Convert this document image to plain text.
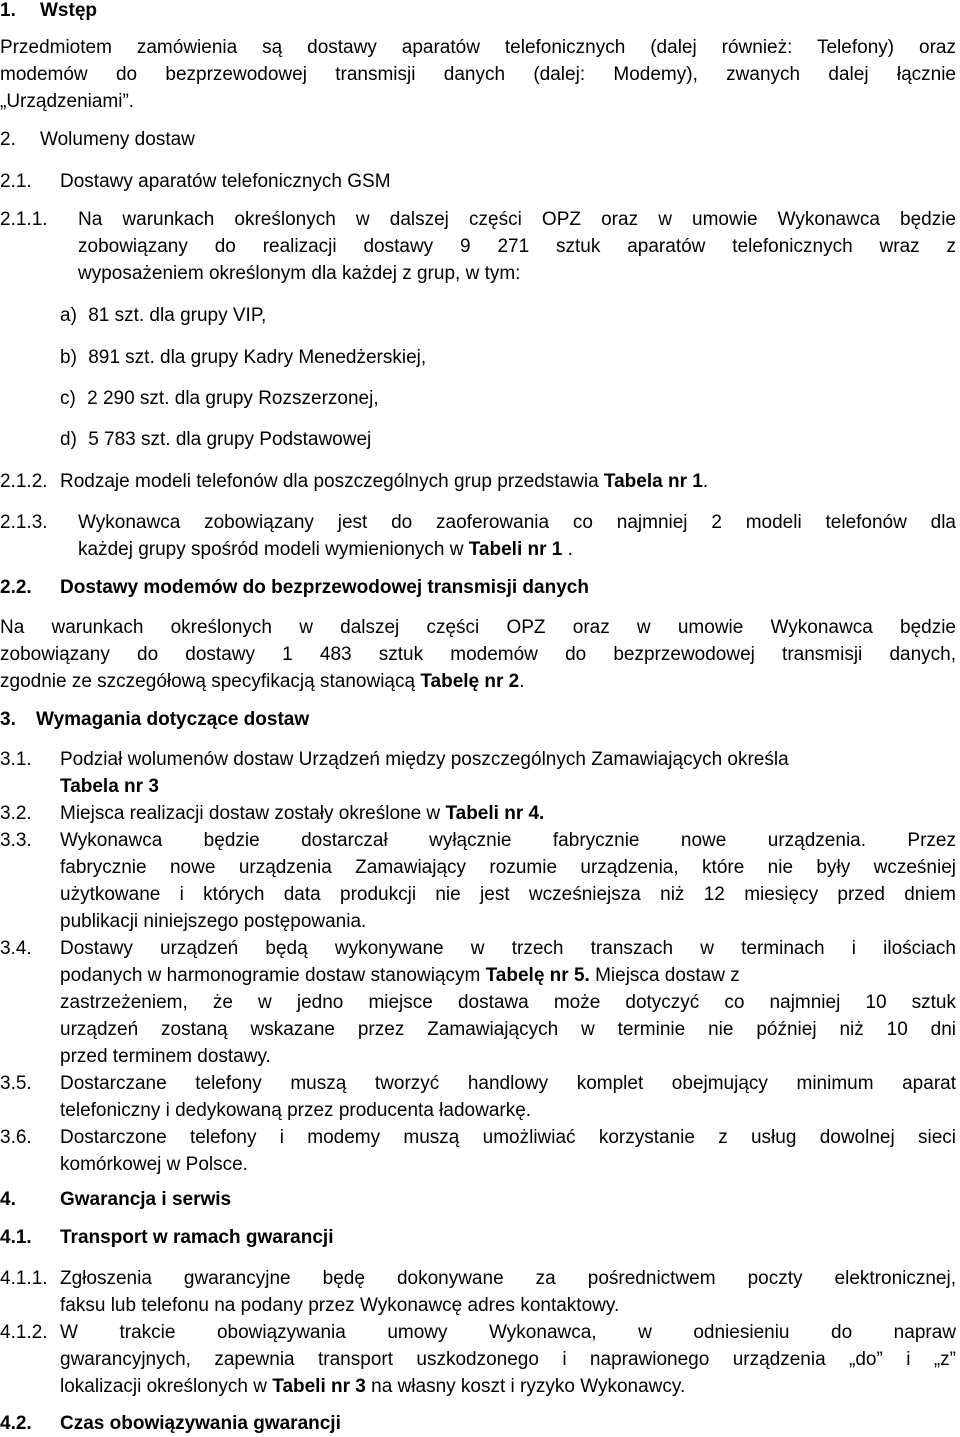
1. Wstęp
Przedmiotem zamówienia są dostawy aparatów telefonicznych (dalej również: Telefony) oraz
modemów do bezprzewodowej transmisji danych (dalej: Modemy), zwanych dalej łącznie
„Urządzeniami”.
2. Wolumeny dostaw
2.1. Dostawy aparatów telefonicznych GSM
2.1.1. Na warunkach określonych w dalszej części OPZ oraz w umowie Wykonawca będzie
zobowiązany do realizacji dostawy 9 271 sztuk aparatów telefonicznych wraz z
wyposażeniem określonym dla każdej z grup, w tym:
a) 81 szt. dla grupy VIP,
b) 891 szt. dla grupy Kadry Menedżerskiej,
c) 2 290 szt. dla grupy Rozszerzonej,
d) 5 783 szt. dla grupy Podstawowej
2.1.2. Rodzaje modeli telefonów dla poszczególnych grup przedstawia Tabela nr 1.
2.1.3. Wykonawca zobowiązany jest do zaoferowania co najmniej 2 modeli telefonów dla
każdej grupy spośród modeli wymienionych w Tabeli nr 1 .
2.2. Dostawy modemów do bezprzewodowej transmisji danych
Na warunkach określonych w dalszej części OPZ oraz w umowie Wykonawca będzie
zobowiązany do dostawy 1 483 sztuk modemów do bezprzewodowej transmisji danych,
zgodnie ze szczegółową specyfikacją stanowiącą Tabelę nr 2.
3. Wymagania dotyczące dostaw
3.1. Podział wolumenów dostaw Urządzeń między poszczególnych Zamawiających określa
Tabela nr 3
3.2. Miejsca realizacji dostaw zostały określone w Tabeli nr 4.
3.3. Wykonawca będzie dostarczał wyłącznie fabrycznie nowe urządzenia. Przez
fabrycznie nowe urządzenia Zamawiający rozumie urządzenia, które nie były wcześniej
użytkowane i których data produkcji nie jest wcześniejsza niż 12 miesięcy przed dniem
publikacji niniejszego postępowania.
3.4. Dostawy urządzeń będą wykonywane w trzech transzach w terminach i ilościach
podanych w harmonogramie dostaw stanowiącym Tabelę nr 5. Miejsca dostaw z
zastrzeżeniem, że w jedno miejsce dostawa może dotyczyć co najmniej 10 sztuk
urządzeń zostaną wskazane przez Zamawiających w terminie nie później niż 10 dni
przed terminem dostawy.
3.5. Dostarczane telefony muszą tworzyć handlowy komplet obejmujący minimum aparat
telefoniczny i dedykowaną przez producenta ładowarkę.
3.6. Dostarczone telefony i modemy muszą umożliwiać korzystanie z usług dowolnej sieci
komórkowej w Polsce.
4. Gwarancja i serwis
4.1. Transport w ramach gwarancji
4.1.1. Zgłoszenia gwarancyjne będę dokonywane za pośrednictwem poczty elektronicznej,
faksu lub telefonu na podany przez Wykonawcę adres kontaktowy.
4.1.2. W trakcie obowiązywania umowy Wykonawca, w odniesieniu do napraw
gwarancyjnych, zapewnia transport uszkodzonego i naprawionego urządzenia „do” i „z”
lokalizacji określonych w Tabeli nr 3 na własny koszt i ryzyko Wykonawcy.
4.2. Czas obowiązywania gwarancji
